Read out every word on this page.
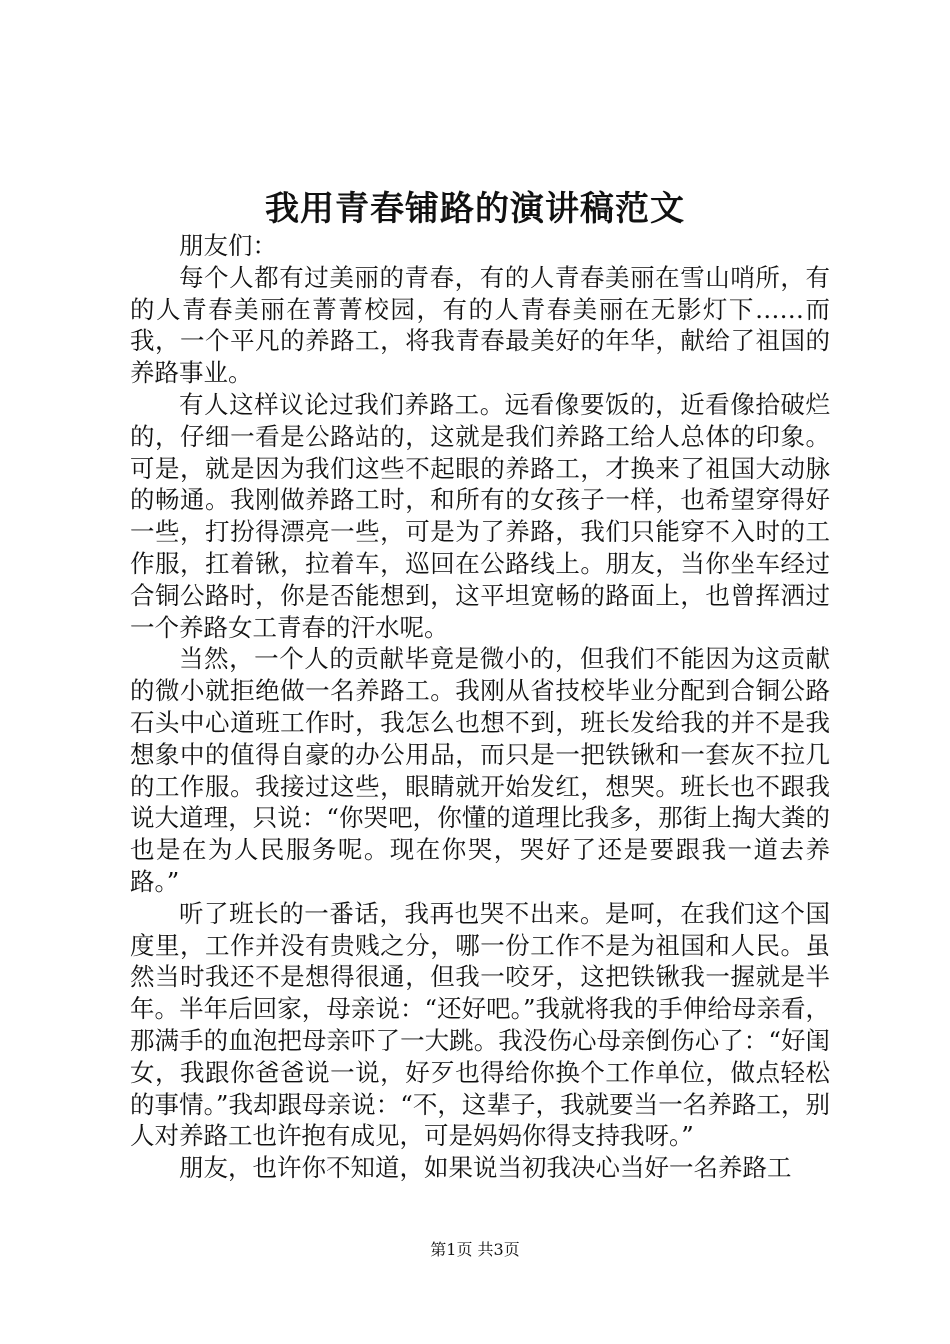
我用青春铺路的演讲稿范文

朋友们：

每个人都有过美丽的青春，有的人青春美丽在雪山哨所，有的人青春美丽在菁菁校园，有的人青春美丽在无影灯下……而我，一个平凡的养路工，将我青春最美好的年华，献给了祖国的养路事业。

有人这样议论过我们养路工。远看像要饭的，近看像拾破烂的，仔细一看是公路站的，这就是我们养路工给人总体的印象。可是，就是因为我们这些不起眼的养路工，才换来了祖国大动脉的畅通。我刚做养路工时，和所有的女孩子一样，也希望穿得好一些，打扮得漂亮一些，可是为了养路，我们只能穿不入时的工作服，扛着锹，拉着车，巡回在公路线上。朋友，当你坐车经过合铜公路时，你是否能想到，这平坦宽畅的路面上，也曾挥洒过一个养路女工青春的汗水呢。

当然，一个人的贡献毕竟是微小的，但我们不能因为这贡献的微小就拒绝做一名养路工。我刚从省技校毕业分配到合铜公路石头中心道班工作时，我怎么也想不到，班长发给我的并不是我想象中的值得自豪的办公用品，而只是一把铁锹和一套灰不拉几的工作服。我接过这些，眼睛就开始发红，想哭。班长也不跟我说大道理，只说：“你哭吧，你懂的道理比我多，那街上掏大粪的也是在为人民服务呢。现在你哭，哭好了还是要跟我一道去养路。”

听了班长的一番话，我再也哭不出来。是呵，在我们这个国度里，工作并没有贵贱之分，哪一份工作不是为祖国和人民。虽然当时我还不是想得很通，但我一咬牙，这把铁锹我一握就是半年。半年后回家，母亲说：“还好吧。”我就将我的手伸给母亲看，那满手的血泡把母亲吓了一大跳。我没伤心母亲倒伤心了：“好闺女，我跟你爸爸说一说，好歹也得给你换个工作单位，做点轻松的事情。”我却跟母亲说：“不，这辈子，我就要当一名养路工，别人对养路工也许抱有成见，可是妈妈你得支持我呀。”

朋友，也许你不知道，如果说当初我决心当好一名养路工

第1页 共3页
